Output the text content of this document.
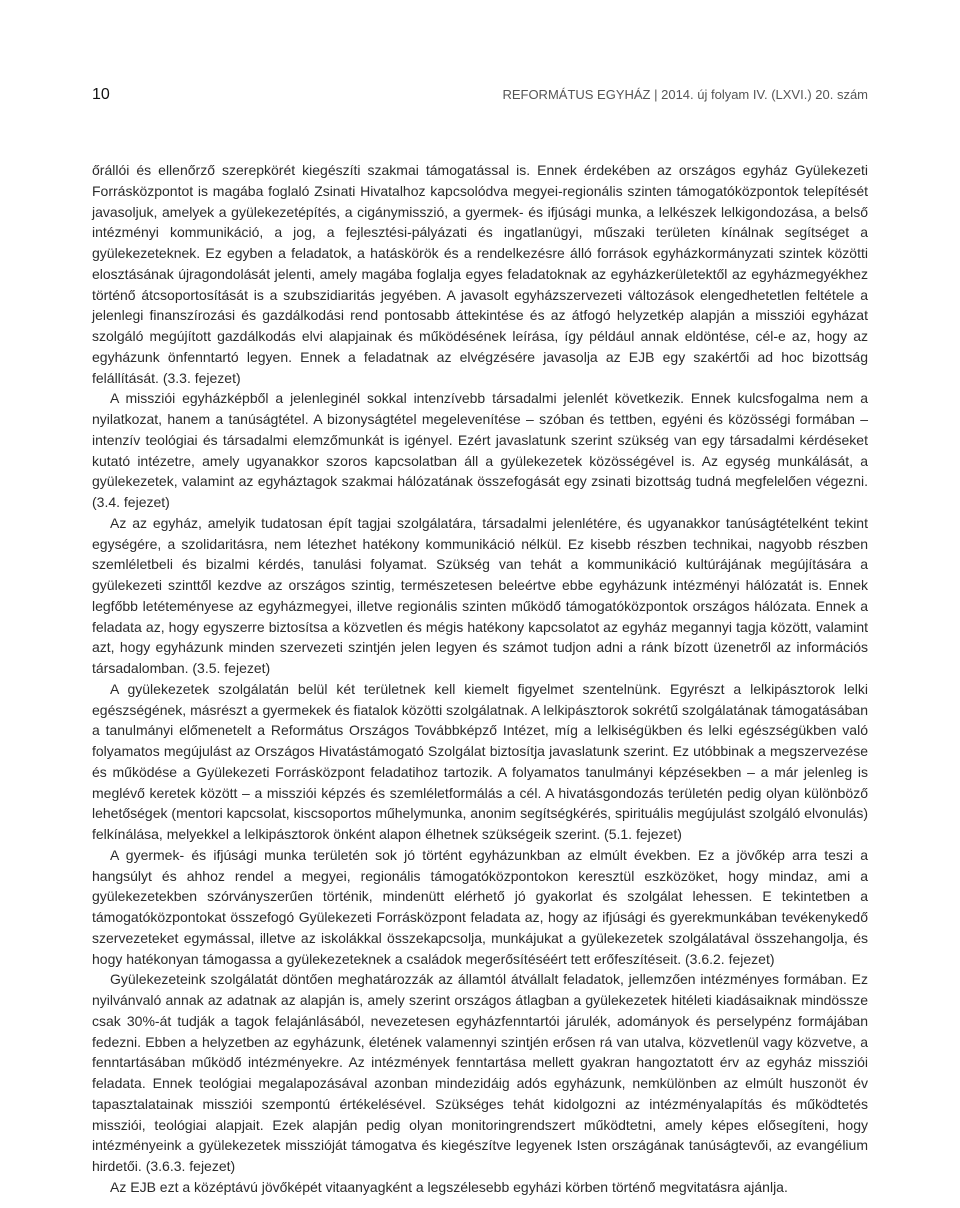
10	REFORMÁTUS EGYHÁZ | 2014. új folyam IV. (LXVI.) 20. szám

őrállói és ellenőrző szerepkörét kiegészíti szakmai támogatással is. Ennek érdekében az országos egyház Gyülekezeti Forrásközpontot is magába foglaló Zsinati Hivatalhoz kapcsolódva megyei-regionális szinten támogatóközpontok telepítését javasoljuk, amelyek a gyülekezetépítés, a cigánymisszió, a gyermek- és ifjúsági munka, a lelkészek lelkigondozása, a belső intézményi kommunikáció, a jog, a fejlesztési-pályázati és ingatlanügyi, műszaki területen kínálnak segítséget a gyülekezeteknek. Ez egyben a feladatok, a hatáskörök és a rendelkezésre álló források egyházkormányzati szintek közötti elosztásának újragondolását jelenti, amely magába foglalja egyes feladatoknak az egyházkerületektől az egyházmegyékhez történő átcsoportosítását is a szubszidiaritás jegyében. A javasolt egyházszervezeti változások elengedhetetlen feltétele a jelenlegi finanszírozási és gazdálkodási rend pontosabb áttekintése és az átfogó helyzetkép alapján a missziói egyházat szolgáló megújított gazdálkodás elvi alapjainak és működésének leírása, így például annak eldöntése, cél-e az, hogy az egyházunk önfenntartó legyen. Ennek a feladatnak az elvégzésére javasolja az EJB egy szakértői ad hoc bizottság felállítását. (3.3. fejezet)

A missziói egyházképből a jelenleginél sokkal intenzívebb társadalmi jelenlét következik. Ennek kulcsfogalma nem a nyilatkozat, hanem a tanúságtétel. A bizonyságtétel megelevenítése – szóban és tettben, egyéni és közösségi formában – intenzív teológiai és társadalmi elemzőmunkát is igényel. Ezért javaslatunk szerint szükség van egy társadalmi kérdéseket kutató intézetre, amely ugyanakkor szoros kapcsolatban áll a gyülekezetek közösségével is. Az egység munkálását, a gyülekezetek, valamint az egyháztagok szakmai hálózatának összefogását egy zsinati bizottság tudná megfelelően végezni. (3.4. fejezet)

Az az egyház, amelyik tudatosan épít tagjai szolgálatára, társadalmi jelenlétére, és ugyanakkor tanúságtételként tekint egységére, a szolidaritásra, nem létezhet hatékony kommunikáció nélkül. Ez kisebb részben technikai, nagyobb részben szemléletbeli és bizalmi kérdés, tanulási folyamat. Szükség van tehát a kommunikáció kultúrájának megújítására a gyülekezeti szinttől kezdve az országos szintig, természetesen beleértve ebbe egyházunk intézményi hálózatát is. Ennek legfőbb letéteményese az egyházmegyei, illetve regionális szinten működő támogatóközpontok országos hálózata. Ennek a feladata az, hogy egyszerre biztosítsa a közvetlen és mégis hatékony kapcsolatot az egyház megannyi tagja között, valamint azt, hogy egyházunk minden szervezeti szintjén jelen legyen és számot tudjon adni a ránk bízott üzenetről az információs társadalomban. (3.5. fejezet)

A gyülekezetek szolgálatán belül két területnek kell kiemelt figyelmet szentelnünk. Egyrészt a lelkipásztorok lelki egészségének, másrészt a gyermekek és fiatalok közötti szolgálatnak. A lelkipásztorok sokrétű szolgálatának támogatásában a tanulmányi előmenetelt a Református Országos Továbbképző Intézet, míg a lelkiségükben és lelki egészségükben való folyamatos megújulást az Országos Hivatástámogató Szolgálat biztosítja javaslatunk szerint. Ez utóbbinak a megszervezése és működése a Gyülekezeti Forrásközpont feladatihoz tartozik. A folyamatos tanulmányi képzésekben – a már jelenleg is meglévő keretek között – a missziói képzés és szemléletformálás a cél. A hivatásgondozás területén pedig olyan különböző lehetőségek (mentori kapcsolat, kiscsoportos műhelymunka, anonim segítségkérés, spirituális megújulást szolgáló elvonulás) felkínálása, melyekkel a lelkipásztorok önként alapon élhetnek szükségeik szerint. (5.1. fejezet)

A gyermek- és ifjúsági munka területén sok jó történt egyházunkban az elmúlt években. Ez a jövőkép arra teszi a hangsúlyt és ahhoz rendel a megyei, regionális támogatóközpontokon keresztül eszközöket, hogy mindaz, ami a gyülekezetekben szórványszerűen történik, mindenütt elérhető jó gyakorlat és szolgálat lehessen. E tekintetben a támogatóközpontokat összefogó Gyülekezeti Forrásközpont feladata az, hogy az ifjúsági és gyerekmunkában tevékenykedő szervezeteket egymással, illetve az iskolákkal összekapcsolja, munkájukat a gyülekezetek szolgálatával összehangolja, és hogy hatékonyan támogassa a gyülekezeteknek a családok megerősítéséért tett erőfeszítéseit. (3.6.2. fejezet)

Gyülekezeteink szolgálatát döntően meghatározzák az államtól átvállalt feladatok, jellemzően intézményes formában. Ez nyilvánvaló annak az adatnak az alapján is, amely szerint országos átlagban a gyülekezetek hitéleti kiadásaiknak mindössze csak 30%-át tudják a tagok felajánlásából, nevezetesen egyházfenntartói járulék, adományok és perselypénz formájában fedezni. Ebben a helyzetben az egyházunk, életének valamennyi szintjén erősen rá van utalva, közvetlenül vagy közvetve, a fenntartásában működő intézményekre. Az intézmények fenntartása mellett gyakran hangoztatott érv az egyház missziói feladata. Ennek teológiai megalapozásával azonban mindezidáig adós egyházunk, nemkülönben az elmúlt huszonöt év tapasztalatainak missziói szempontú értékelésével. Szükséges tehát kidolgozni az intézményalapítás és működtetés missziói, teológiai alapjait. Ezek alapján pedig olyan monitoringrendszert működtetni, amely képes elősegíteni, hogy intézményeink a gyülekezetek misszióját támogatva és kiegészítve legyenek Isten országának tanúságtevői, az evangélium hirdetői. (3.6.3. fejezet)

Az EJB ezt a középtávú jövőképét vitaanyagként a legszélesebb egyházi körben történő megvitatásra ajánlja.
